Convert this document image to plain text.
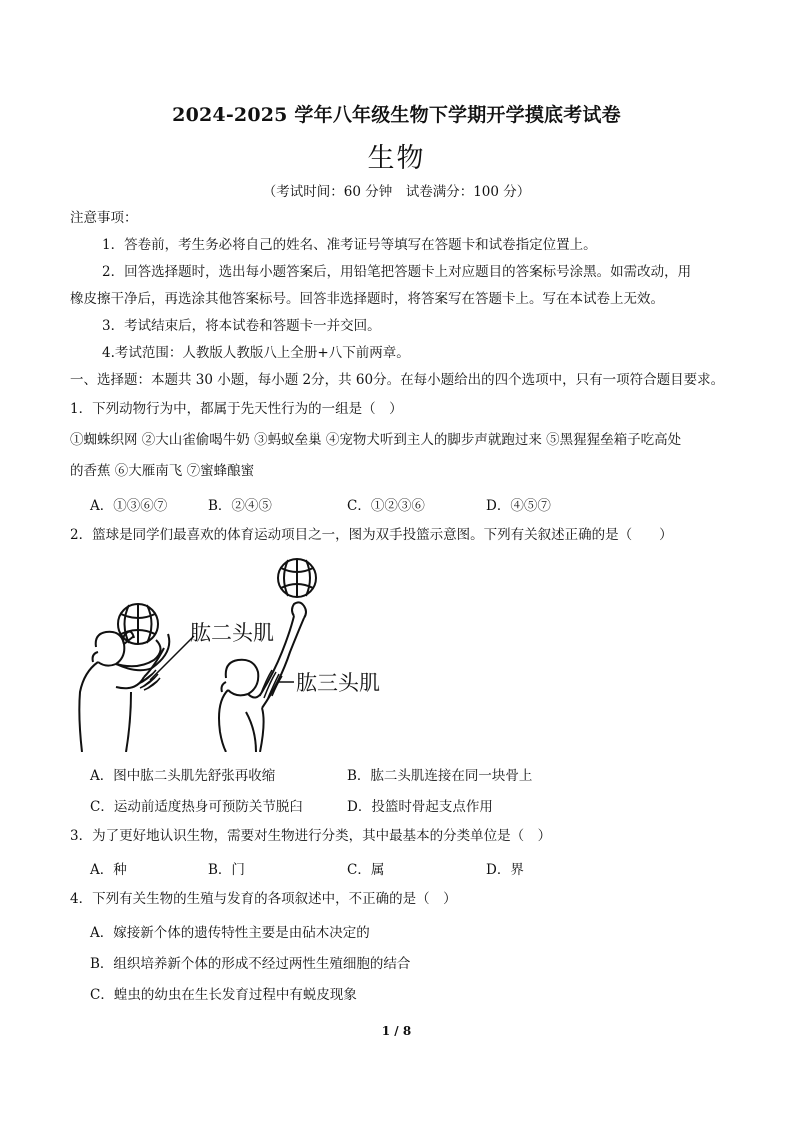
2024-2025 学年八年级生物下学期开学摸底考试卷
生物
（考试时间：60 分钟　试卷满分：100 分）
注意事项：
1．答卷前，考生务必将自己的姓名、准考证号等填写在答题卡和试卷指定位置上。
2．回答选择题时，选出每小题答案后，用铅笔把答题卡上对应题目的答案标号涂黑。如需改动，用
橡皮擦干净后，再选涂其他答案标号。回答非选择题时，将答案写在答题卡上。写在本试卷上无效。
3．考试结束后，将本试卷和答题卡一并交回。
4.考试范围：人教版人教版八上全册+八下前两章。
一、选择题：本题共 30 小题，每小题 2分，共 60分。在每小题给出的四个选项中，只有一项符合题目要求。
1．下列动物行为中，都属于先天性行为的一组是（　）
①蜘蛛织网 ②大山雀偷喝牛奶 ③蚂蚁垒巢 ④宠物犬听到主人的脚步声就跑过来 ⑤黑猩猩垒箱子吃高处
的香蕉 ⑥大雁南飞 ⑦蜜蜂酿蜜
A．①③⑥⑦	B．②④⑤	C．①②③⑥	D．④⑤⑦
2．篮球是同学们最喜欢的体育运动项目之一，图为双手投篮示意图。下列有关叙述正确的是（　　）
肱二头肌
肱三头肌
A．图中肱二头肌先舒张再收缩	B．肱二头肌连接在同一块骨上
C．运动前适度热身可预防关节脱臼	D．投篮时骨起支点作用
3．为了更好地认识生物，需要对生物进行分类，其中最基本的分类单位是（　）
A．种	B．门	C．属	D．界
4．下列有关生物的生殖与发育的各项叙述中，不正确的是（　）
A．嫁接新个体的遗传特性主要是由砧木决定的
B．组织培养新个体的形成不经过两性生殖细胞的结合
C．蝗虫的幼虫在生长发育过程中有蜕皮现象
1 / 8
